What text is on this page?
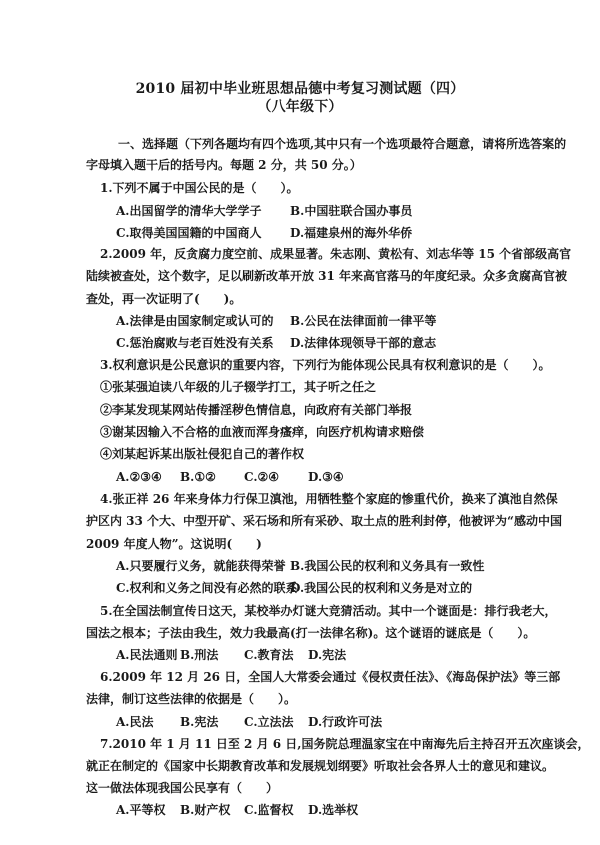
2010 届初中毕业班思想品德中考复习测试题（四）
（八年级下）
一、选择题（下列各题均有四个选项,其中只有一个选项最符合题意，请将所选答案的
字母填入题干后的括号内。每题 2 分，共 50 分。）
1.下列不属于中国公民的是（　　）。
A.出国留学的清华大学学子 B.中国驻联合国办事员
C.取得美国国籍的中国商人 D.福建泉州的海外华侨
2.2009 年，反贪腐力度空前、成果显著。朱志刚、黄松有、刘志华等 15 个省部级高官
陆续被查处，这个数字，足以刷新改革开放 31 年来高官落马的年度纪录。众多贪腐高官被
查处，再一次证明了(　　)。
A.法律是由国家制定或认可的 B.公民在法律面前一律平等
C.惩治腐败与老百姓没有关系 D.法律体现领导干部的意志
3.权利意识是公民意识的重要内容，下列行为能体现公民具有权利意识的是（　　）。
①张某强迫读八年级的儿子辍学打工，其子听之任之
②李某发现某网站传播淫秽色情信息，向政府有关部门举报
③谢某因输入不合格的血液而浑身瘙痒，向医疗机构请求赔偿
④刘某起诉某出版社侵犯自己的著作权
A.②③④ B.①② C.②④ D.③④
4.张正祥 26 年来身体力行保卫滇池，用牺牲整个家庭的惨重代价，换来了滇池自然保
护区内 33 个大、中型开矿、采石场和所有采砂、取土点的胜利封停，他被评为“感动中国
2009 年度人物”。这说明(　　)
A.只要履行义务，就能获得荣誉 B.我国公民的权利和义务具有一致性
C.权利和义务之间没有必然的联系
D.我国公民的权利和义务是对立的
5.在全国法制宣传日这天，某校举办灯谜大竞猜活动。其中一个谜面是：排行我老大，
国法之根本；子法由我生，效力我最高(打一法律名称)。这个谜语的谜底是（　　）。
A.民法通则 B.刑法 C.教育法 D.宪法
6.2009 年 12 月 26 日，全国人大常委会通过《侵权责任法》、《海岛保护法》等三部
法律，制订这些法律的依据是（　　）。
A.民法 B.宪法 C.立法法 D.行政许可法
7.2010 年 1 月 11 日至 2 月 6 日,国务院总理温家宝在中南海先后主持召开五次座谈会，
就正在制定的《国家中长期教育改革和发展规划纲要》听取社会各界人士的意见和建议。
这一做法体现我国公民享有（　　）
A.平等权 B.财产权 C.监督权 D.选举权
